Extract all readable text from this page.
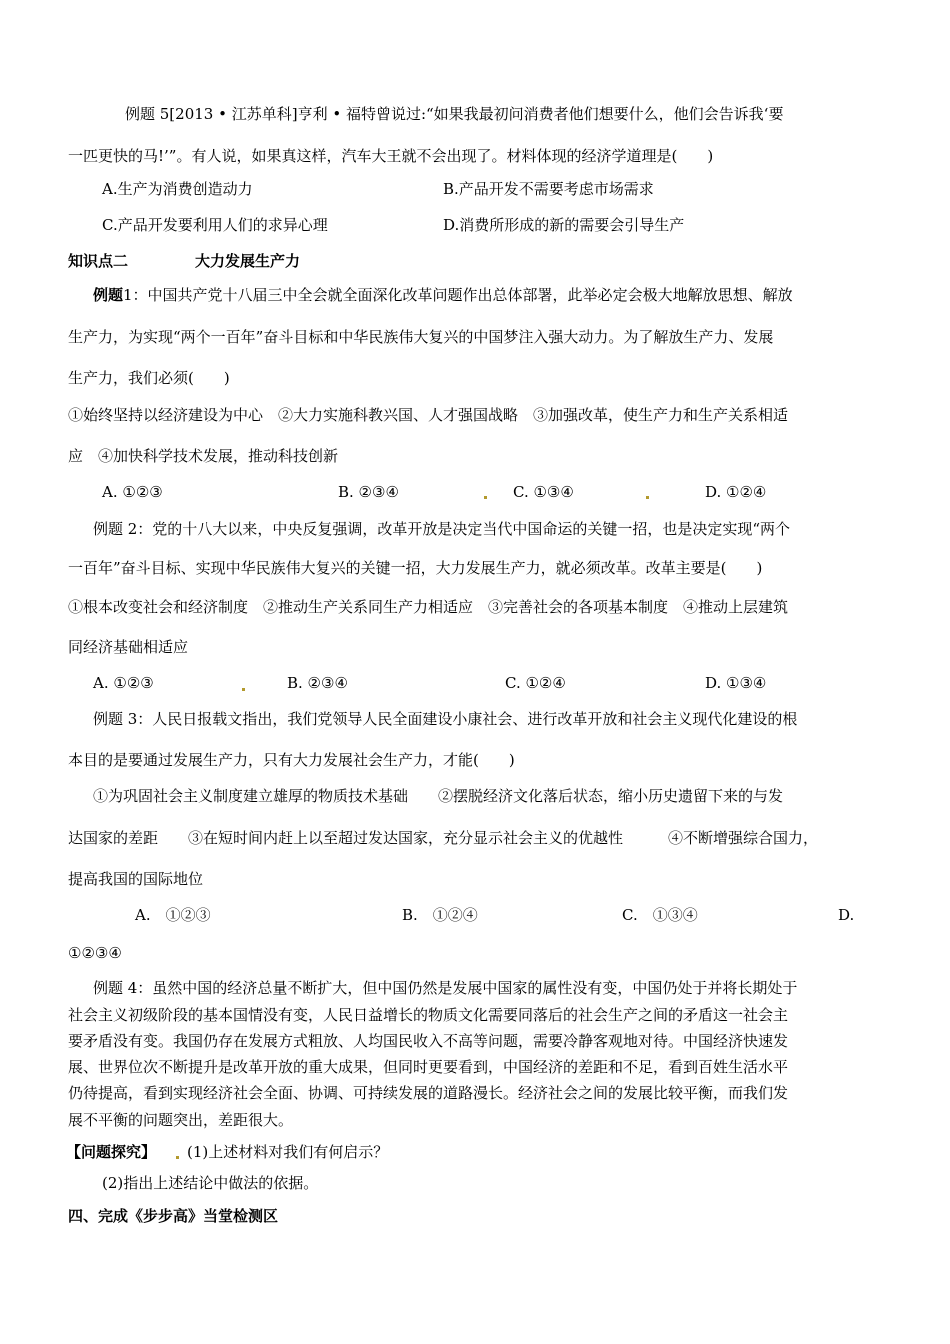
例题 5[2013 • 江苏单科]亨利 • 福特曾说过:“如果我最初问消费者他们想要什么，他们会告诉我‘要
一匹更快的马!’”。有人说，如果真这样，汽车大王就不会出现了。材料体现的经济学道理是(　　)
A.生产为消费创造动力	B.产品开发不需要考虑市场需求
C.产品开发要利用人们的求异心理	D.消费所形成的新的需要会引导生产
知识点二	大力发展生产力
例题1：中国共产党十八届三中全会就全面深化改革问题作出总体部署，此举必定会极大地解放思想、解放
生产力，为实现“两个一百年”奋斗目标和中华民族伟大复兴的中国梦注入强大动力。为了解放生产力、发展
生产力，我们必须(　　)
①始终坚持以经济建设为中心　②大力实施科教兴国、人才强国战略　③加强改革，使生产力和生产关系相适
应　④加快科学技术发展，推动科技创新
A. ①②③	B. ②③④	C. ①③④	D. ①②④
例题 2：党的十八大以来，中央反复强调，改革开放是决定当代中国命运的关键一招，也是决定实现“两个
一百年”奋斗目标、实现中华民族伟大复兴的关键一招，大力发展生产力，就必须改革。改革主要是(　　)
①根本改变社会和经济制度　②推动生产关系同生产力相适应　③完善社会的各项基本制度　④推动上层建筑
同经济基础相适应
A. ①②③	B. ②③④	C. ①②④	D. ①③④
例题 3：人民日报载文指出，我们党领导人民全面建设小康社会、进行改革开放和社会主义现代化建设的根
本目的是要通过发展生产力，只有大力发展社会生产力，才能(　　)
①为巩固社会主义制度建立雄厚的物质技术基础　　②摆脱经济文化落后状态，缩小历史遗留下来的与发
达国家的差距　　③在短时间内赶上以至超过发达国家，充分显示社会主义的优越性　　　④不断增强综合国力，
提高我国的国际地位
A.　①②③	B.　①②④	C.　①③④	D.
①②③④
例题 4：虽然中国的经济总量不断扩大，但中国仍然是发展中国家的属性没有变，中国仍处于并将长期处于
社会主义初级阶段的基本国情没有变，人民日益增长的物质文化需要同落后的社会生产之间的矛盾这一社会主
要矛盾没有变。我国仍存在发展方式粗放、人均国民收入不高等问题，需要冷静客观地对待。中国经济快速发
展、世界位次不断提升是改革开放的重大成果，但同时更要看到，中国经济的差距和不足，看到百姓生活水平
仍待提高，看到实现经济社会全面、协调、可持续发展的道路漫长。经济社会之间的发展比较平衡，而我们发
展不平衡的问题突出，差距很大。
【问题探究】 (1)上述材料对我们有何启示？
(2)指出上述结论中做法的依据。
四、完成《步步高》当堂检测区
